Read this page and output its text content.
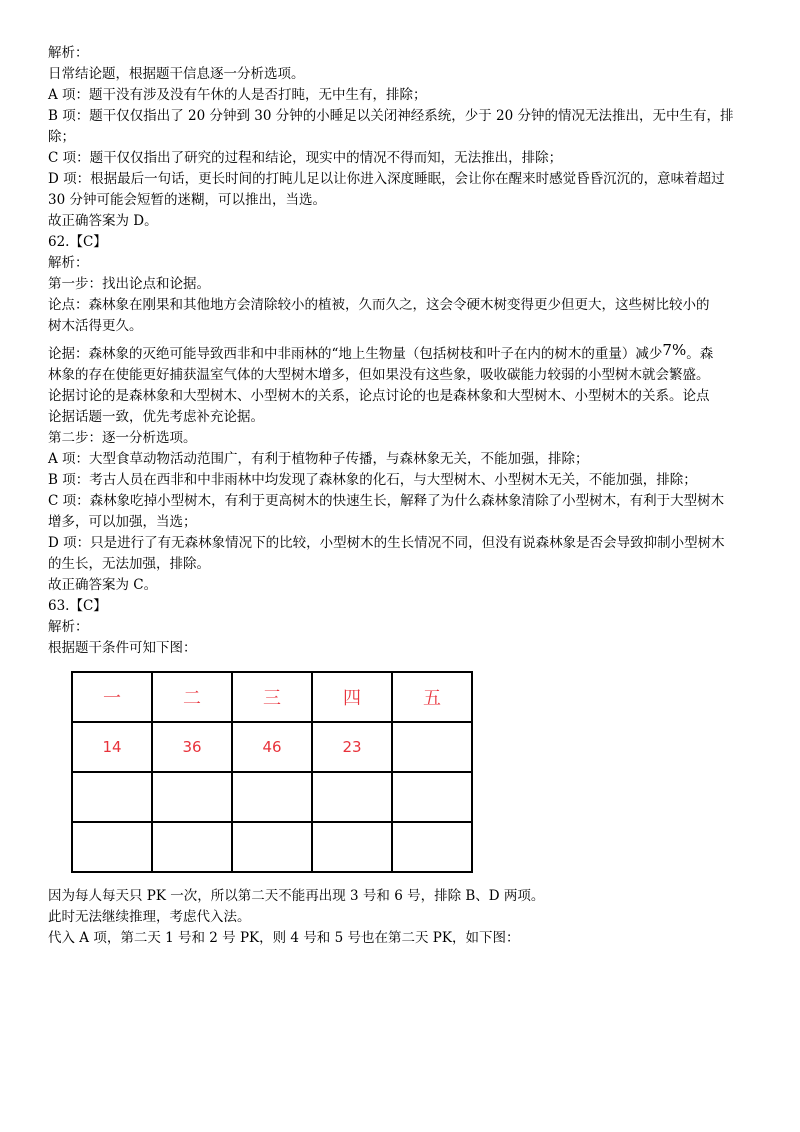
解析：
日常结论题，根据题干信息逐一分析选项。
A 项：题干没有涉及没有午休的人是否打盹，无中生有，排除；
B 项：题干仅仅指出了 20 分钟到 30 分钟的小睡足以关闭神经系统，少于 20 分钟的情况无法推出，无中生有，排
除；
C 项：题干仅仅指出了研究的过程和结论，现实中的情况不得而知，无法推出，排除；
D 项：根据最后一句话，更长时间的打盹儿足以让你进入深度睡眠，会让你在醒来时感觉昏昏沉沉的，意味着超过
30 分钟可能会短暂的迷糊，可以推出，当选。
故正确答案为 D。
62.【C】
解析：
第一步：找出论点和论据。
论点：森林象在刚果和其他地方会清除较小的植被，久而久之，这会令硬木树变得更少但更大，这些树比较小的
树木活得更久。
论据：森林象的灭绝可能导致西非和中非雨林的“地上生物量（包括树枝和叶子在内的树木的重量）减少7%。森
林象的存在使能更好捕获温室气体的大型树木增多，但如果没有这些象，吸收碳能力较弱的小型树木就会繁盛。
论据讨论的是森林象和大型树木、小型树木的关系，论点讨论的也是森林象和大型树木、小型树木的关系。论点
论据话题一致，优先考虑补充论据。
第二步：逐一分析选项。
A 项：大型食草动物活动范围广，有利于植物种子传播，与森林象无关，不能加强，排除；
B 项：考古人员在西非和中非雨林中均发现了森林象的化石，与大型树木、小型树木无关，不能加强，排除；
C 项：森林象吃掉小型树木，有利于更高树木的快速生长，解释了为什么森林象清除了小型树木，有利于大型树木
增多，可以加强，当选；
D 项：只是进行了有无森林象情况下的比较，小型树木的生长情况不同，但没有说森林象是否会导致抑制小型树木
的生长，无法加强，排除。
故正确答案为 C。
63.【C】
解析：
根据题干条件可知下图：
一	二	三	四	五
14	36	46	23	

因为每人每天只 PK 一次，所以第二天不能再出现 3 号和 6 号，排除 B、D 两项。
此时无法继续推理，考虑代入法。
代入 A 项，第二天 1 号和 2 号 PK，则 4 号和 5 号也在第二天 PK，如下图：
